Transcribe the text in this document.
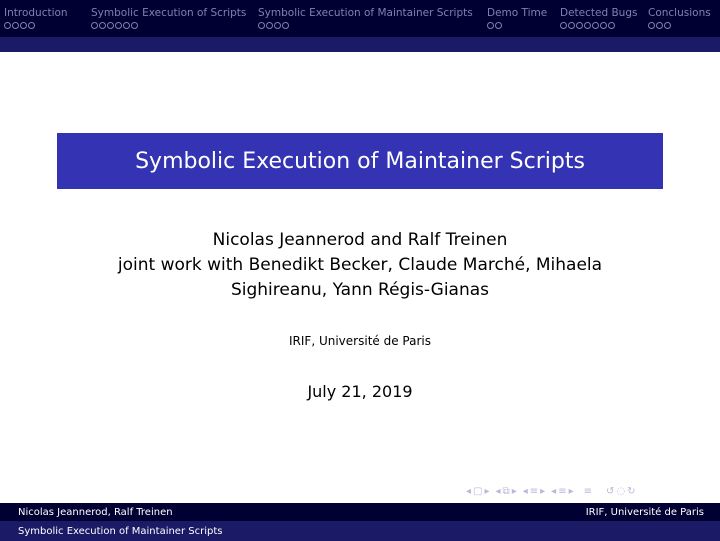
Introduction Symbolic Execution of Scripts Symbolic Execution of Maintainer Scripts Demo Time Detected Bugs Conclusions
Symbolic Execution of Maintainer Scripts
Nicolas Jeannerod and Ralf Treinen
joint work with Benedikt Becker, Claude Marché, Mihaela
Sighireanu, Yann Régis-Gianas
IRIF, Université de Paris
July 21, 2019
◂ ▢ ▸ ◂ ⧉ ▸ ◂ ≡ ▸ ◂ ≡ ▸ ≡ ↺ ◌ ↻
Nicolas Jeannerod, Ralf Treinen	IRIF, Université de Paris
Symbolic Execution of Maintainer Scripts
